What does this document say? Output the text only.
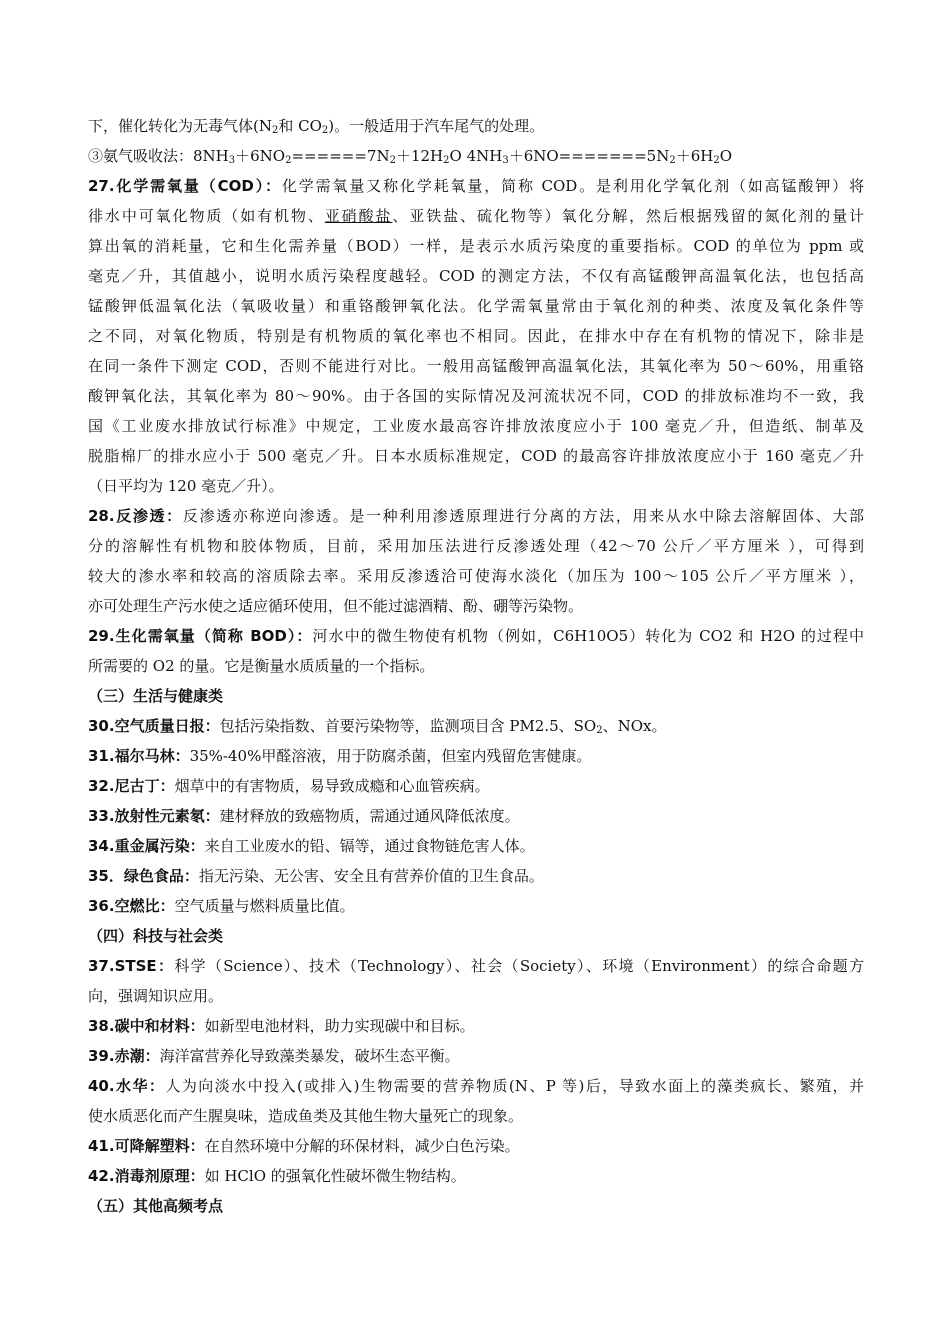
下，催化转化为无毒气体($N_2$和 $CO_2$)。一般适用于汽车尾气的处理。
③氨气吸收法：$8NH_3+6NO_2======7N_2+12H_2O$ $4NH_3+6NO=======5N_2+6H_2O$
27.化学需氧量（COD）：化学需氧量又称化学耗氧量，简称 COD。是利用化学氧化剂（如高锰酸钾）将
徘水中可氧化物质（如有机物、亚硝酸盐、亚铁盐、硫化物等）氧化分解，然后根据残留的氮化剂的量计
算出氧的消耗量，它和生化需养量（BOD）一样，是表示水质污染度的重要指标。COD 的单位为 ppm 或
毫克／升，其值越小，说明水质污染程度越轻。COD 的测定方法，不仅有高锰酸钾高温氧化法，也包括高
锰酸钾低温氧化法（氧吸收量）和重铬酸钾氧化法。化学需氧量常由于氧化剂的种类、浓度及氧化条件等
之不同，对氧化物质，特别是有机物质的氧化率也不相同。因此，在排水中存在有机物的情况下，除非是
在同一条件下测定 COD，否则不能进行对比。一般用高锰酸钾高温氧化法，其氧化率为 50～60%，用重铬
酸钾氧化法，其氧化率为 80～90%。由于各国的实际情况及河流状况不同，COD 的排放标准均不一致，我
国《工业废水排放试行标准》中规定，工业废水最高容许排放浓度应小于 100 毫克／升，但造纸、制革及
脱脂棉厂的排水应小于 500 毫克／升。日本水质标准规定，COD 的最高容许排放浓度应小于 160 毫克／升
（日平均为 120 毫克／升）。
28.反渗透：反渗透亦称逆向渗透。是一种利用渗透原理进行分离的方法，用来从水中除去溶解固体、大部
分的溶解性有机物和胶体物质，目前，采用加压法进行反渗透处理（42～70 公斤／平方厘米 ），可得到
较大的渗水率和较高的溶质除去率。采用反渗透洽可使海水淡化（加压为 100～105 公斤／平方厘米 ），
亦可处理生产污水使之适应循环使用，但不能过滤酒精、酚、硼等污染物。
29.生化需氧量（简称 BOD）：河水中的微生物使有机物（例如，C6H10O5）转化为 CO2 和 H2O 的过程中
所需要的 O2 的量。它是衡量水质质量的一个指标。
（三）生活与健康类
30.空气质量日报：包括污染指数、首要污染物等，监测项目含 PM2.5、$SO_2$、NOx。
31.福尔马林：35%-40%甲醛溶液，用于防腐杀菌，但室内残留危害健康。
32.尼古丁：烟草中的有害物质，易导致成瘾和心血管疾病。
33.放射性元素氡：建材释放的致癌物质，需通过通风降低浓度。
34.重金属污染：来自工业废水的铅、镉等，通过食物链危害人体。
35．绿色食品：指无污染、无公害、安全且有营养价值的卫生食品。
36.空燃比：空气质量与燃料质量比值。
（四）科技与社会类
37.STSE：科学（Science）、技术（Technology）、社会（Society）、环境（Environment）的综合命题方
向，强调知识应用。
38.碳中和材料：如新型电池材料，助力实现碳中和目标。
39.赤潮：海洋富营养化导致藻类暴发，破坏生态平衡。
40.水华：人为向淡水中投入(或排入)生物需要的营养物质(N、P 等)后，导致水面上的藻类疯长、繁殖，并
使水质恶化而产生腥臭味，造成鱼类及其他生物大量死亡的现象。
41.可降解塑料：在自然环境中分解的环保材料，减少白色污染。
42.消毒剂原理：如 HClO 的强氧化性破坏微生物结构。
（五）其他高频考点
